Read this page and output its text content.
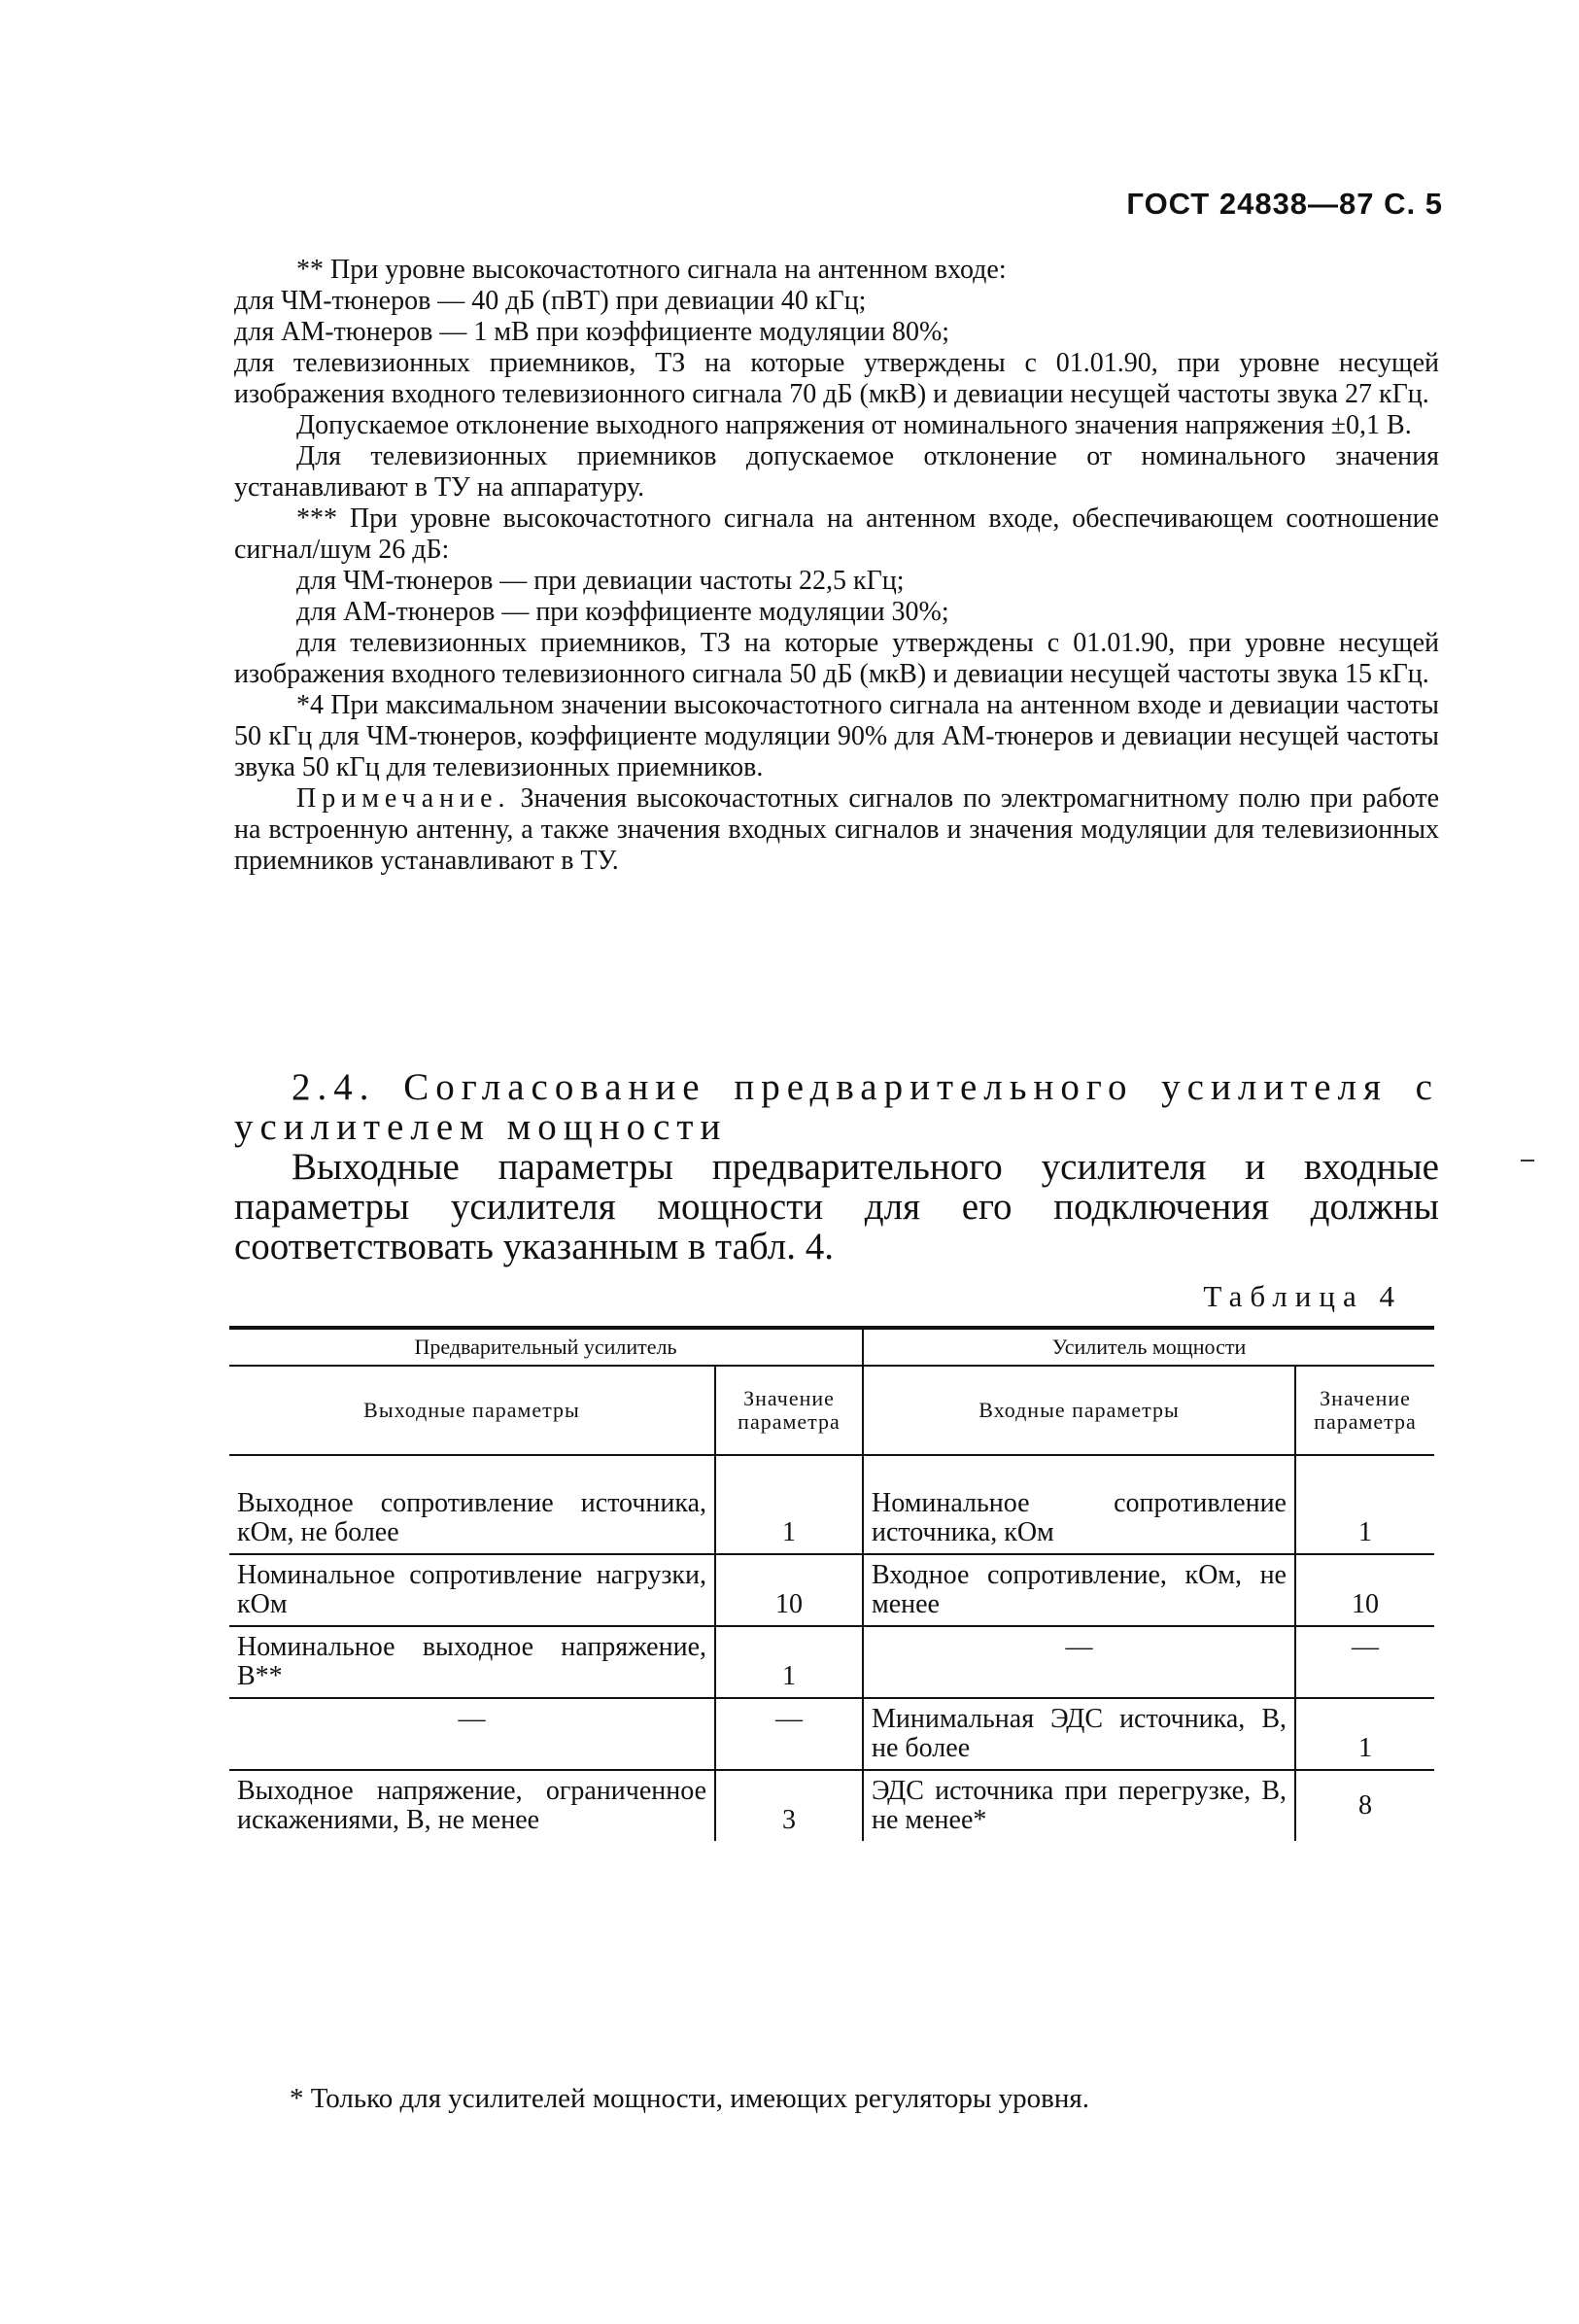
ГОСТ 24838—87 С. 5

** При уровне высокочастотного сигнала на антенном входе:

для ЧМ-тюнеров — 40 дБ (пВТ) при девиации 40 кГц;

для АМ-тюнеров — 1 мВ при коэффициенте модуляции 80%;

для телевизионных приемников, ТЗ на которые утверждены с 01.01.90, при уровне несущей изображения входного телевизионного сигнала 70 дБ (мкВ) и девиации несущей частоты звука 27 кГц.

Допускаемое отклонение выходного напряжения от номинального значения напряжения ±0,1 В.

Для телевизионных приемников допускаемое отклонение от номинального значения устанавливают в ТУ на аппаратуру.

*** При уровне высокочастотного сигнала на антенном входе, обеспечивающем соотношение сигнал/шум 26 дБ:

для ЧМ-тюнеров — при девиации частоты 22,5 кГц;

для АМ-тюнеров — при коэффициенте модуляции 30%;

для телевизионных приемников, ТЗ на которые утверждены с 01.01.90, при уровне несущей изображения входного телевизионного сигнала 50 дБ (мкВ) и девиации несущей частоты звука 15 кГц.

*4 При максимальном значении высокочастотного сигнала на антенном входе и девиации частоты 50 кГц для ЧМ-тюнеров, коэффициенте модуляции 90% для АМ-тюнеров и девиации несущей частоты звука 50 кГц для телевизионных приемников.

Примечание. Значения высокочастотных сигналов по электромагнитному полю при работе на встроенную антенну, а также значения входных сигналов и значения модуляции для телевизионных приемников устанавливают в ТУ.

2.4. Согласование предварительного усилителя с усилителем мощности

Выходные параметры предварительного усилителя и входные параметры усилителя мощности для его подключения должны соответствовать указанным в табл. 4.

Таблица 4
Предварительный усилитель		Усилитель мощности	
Выходные параметры	Значение параметра	Входные параметры	Значение параметра
Выходное сопротивление источника, кОм, не более	1	Номинальное сопротивление источника, кОм	1
Номинальное сопротивление нагрузки, кОм	10	Входное сопротивление, кОм, не менее	10
Номинальное выходное напряжение, В**	1	—	—
—	—	Минимальная ЭДС источника, В, не более	1
Выходное напряжение, ограниченное искажениями, В, не менее	3	ЭДС источника при перегрузке, В, не менее*	8
* Только для усилителей мощности, имеющих регуляторы уровня.
